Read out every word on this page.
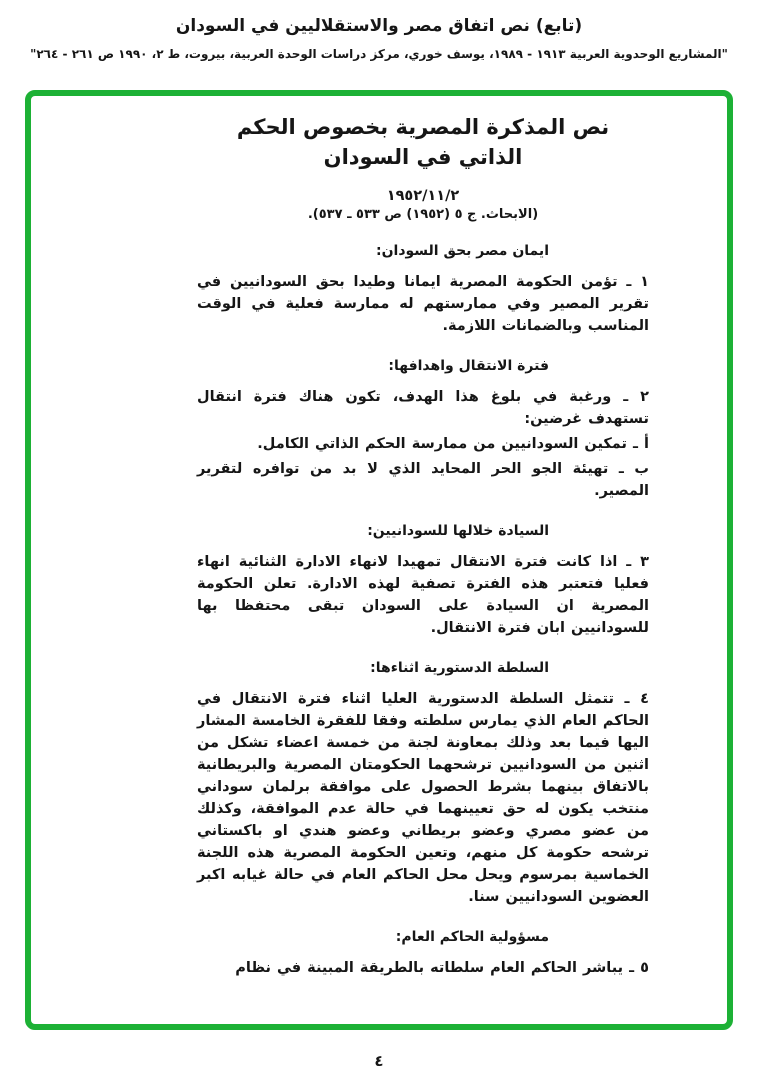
(تابع) نص اتفاق مصر والاستقلاليين في السودان
"المشاريع الوحدوية العربية ١٩١٣ - ١٩٨٩، يوسف خوري، مركز دراسات الوحدة العربية، بيروت، ط ٢، ١٩٩٠ ص ٢٦١ - ٢٦٤"
نص المذكرة المصرية بخصوص الحكم
الذاتي في السودان
١٩٥٢/١١/٢
(الابحاث. ج ٥ (١٩٥٢) ص ٥٣٣ ـ ٥٣٧).
ايمان مصر بحق السودان:

١ ـ تؤمن الحكومة المصرية ايمانا وطيدا بحق السودانيين في تقرير المصير وفي ممارستهم له ممارسة فعلية في الوقت المناسب وبالضمانات اللازمة.

فترة الانتقال واهدافها:

٢ ـ ورغبة في بلوغ هذا الهدف، تكون هناك فترة انتقال تستهدف غرضين:

أ ـ تمكين السودانيين من ممارسة الحكم الذاتي الكامل.

ب ـ تهيئة الجو الحر المحايد الذي لا بد من توافره لتقرير المصير.

السيادة خلالها للسودانيين:

٣ ـ اذا كانت فترة الانتقال تمهيدا لانهاء الادارة الثنائية انهاء فعليا فتعتبر هذه الفترة تصفية لهذه الادارة. تعلن الحكومة المصرية ان السيادة على السودان تبقى محتفظا بها للسودانيين ابان فترة الانتقال.

السلطة الدستورية اثناءها:

٤ ـ تتمثل السلطة الدستورية العليا اثناء فترة الانتقال في الحاكم العام الذي يمارس سلطته وفقا للفقرة الخامسة المشار اليها فيما بعد وذلك بمعاونة لجنة من خمسة اعضاء تشكل من اثنين من السودانيين ترشحهما الحكومتان المصرية والبريطانية بالاتفاق بينهما بشرط الحصول على موافقة برلمان سوداني منتخب يكون له حق تعيينهما في حالة عدم الموافقة، وكذلك من عضو مصري وعضو بريطاني وعضو هندي او باكستاني ترشحه حكومة كل منهم، وتعين الحكومة المصرية هذه اللجنة الخماسية بمرسوم ويحل محل الحاكم العام في حالة غيابه اكبر العضوين السودانيين سنا.

مسؤولية الحاكم العام:

٥ ـ يباشر الحاكم العام سلطاته بالطريقة المبينة في نظام

٤
